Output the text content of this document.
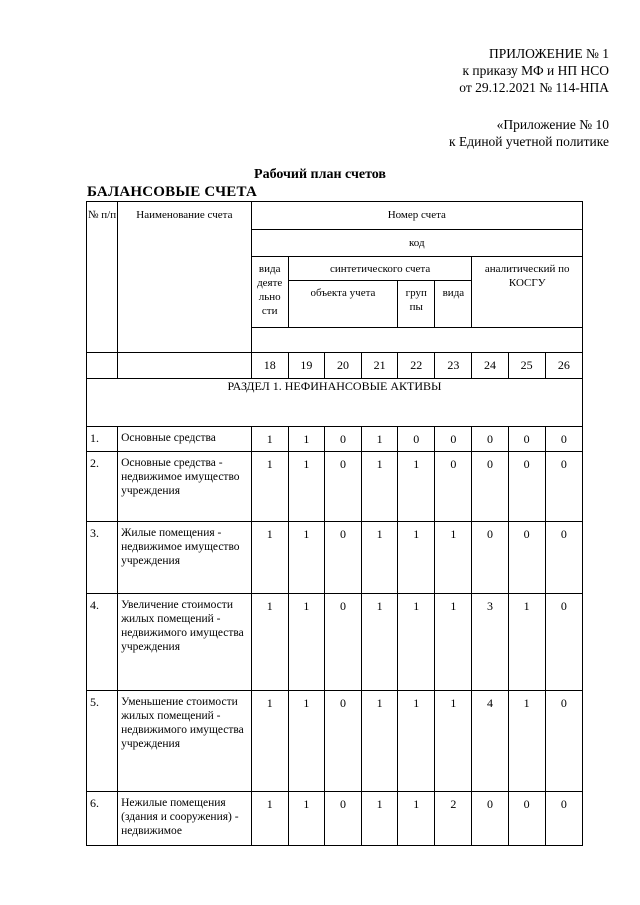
ПРИЛОЖЕНИЕ № 1
к приказу МФ и НП НСО
от 29.12.2021 № 114-НПА
«Приложение № 10
к Единой учетной политике
Рабочий план счетов
БАЛАНСОВЫЕ СЧЕТА
№ п/п	Наименование счета	Номер счета								
		код								
		вида
деяте
льно
сти	синтетического счета					аналитический по КОСГУ		
			объекта учета			груп
пы	вида			

		18	19	20	21	22	23	24	25	26
РАЗДЕЛ 1. НЕФИНАНСОВЫЕ АКТИВЫ										
1.	Основные средства	1	1	0	1	0	0	0	0	0
2.	Основные средства - недвижимое имущество учреждения	1	1	0	1	1	0	0	0	0
3.	Жилые помещения - недвижимое имущество учреждения	1	1	0	1	1	1	0	0	0
4.	Увеличение стоимости жилых помещений - недвижимого имущества учреждения	1	1	0	1	1	1	3	1	0
5.	Уменьшение стоимости жилых помещений - недвижимого имущества учреждения	1	1	0	1	1	1	4	1	0
6.	Нежилые помещения (здания и сооружения) - недвижимое	1	1	0	1	1	2	0	0	0
